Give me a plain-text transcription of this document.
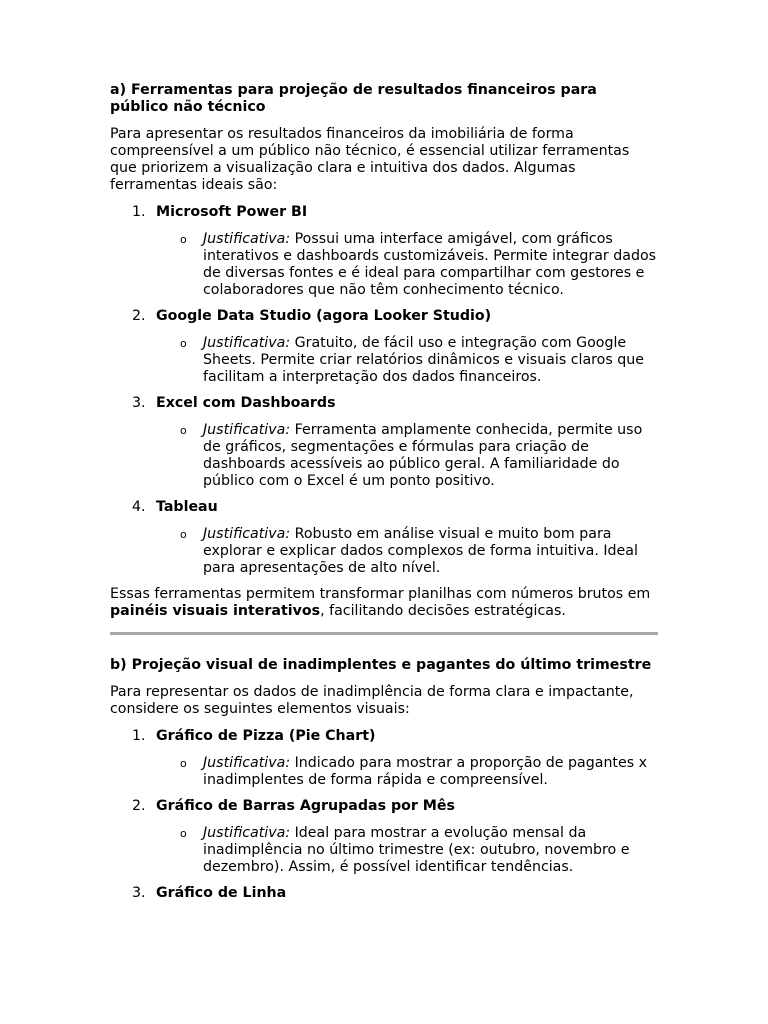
a) Ferramentas para projeção de resultados financeiros para público não técnico
Para apresentar os resultados financeiros da imobiliária de forma compreensível a um público não técnico, é essencial utilizar ferramentas que priorizem a visualização clara e intuitiva dos dados. Algumas ferramentas ideais são:
1. Microsoft Power BI
o Justificativa: Possui uma interface amigável, com gráficos interativos e dashboards customizáveis. Permite integrar dados de diversas fontes e é ideal para compartilhar com gestores e colaboradores que não têm conhecimento técnico.
2. Google Data Studio (agora Looker Studio)
o Justificativa: Gratuito, de fácil uso e integração com Google Sheets. Permite criar relatórios dinâmicos e visuais claros que facilitam a interpretação dos dados financeiros.
3. Excel com Dashboards
o Justificativa: Ferramenta amplamente conhecida, permite uso de gráficos, segmentações e fórmulas para criação de dashboards acessíveis ao público geral. A familiaridade do público com o Excel é um ponto positivo.
4. Tableau
o Justificativa: Robusto em análise visual e muito bom para explorar e explicar dados complexos de forma intuitiva. Ideal para apresentações de alto nível.
Essas ferramentas permitem transformar planilhas com números brutos em painéis visuais interativos, facilitando decisões estratégicas.
b) Projeção visual de inadimplentes e pagantes do último trimestre
Para representar os dados de inadimplência de forma clara e impactante, considere os seguintes elementos visuais:
1. Gráfico de Pizza (Pie Chart)
o Justificativa: Indicado para mostrar a proporção de pagantes x inadimplentes de forma rápida e compreensível.
2. Gráfico de Barras Agrupadas por Mês
o Justificativa: Ideal para mostrar a evolução mensal da inadimplência no último trimestre (ex: outubro, novembro e dezembro). Assim, é possível identificar tendências.
3. Gráfico de Linha
